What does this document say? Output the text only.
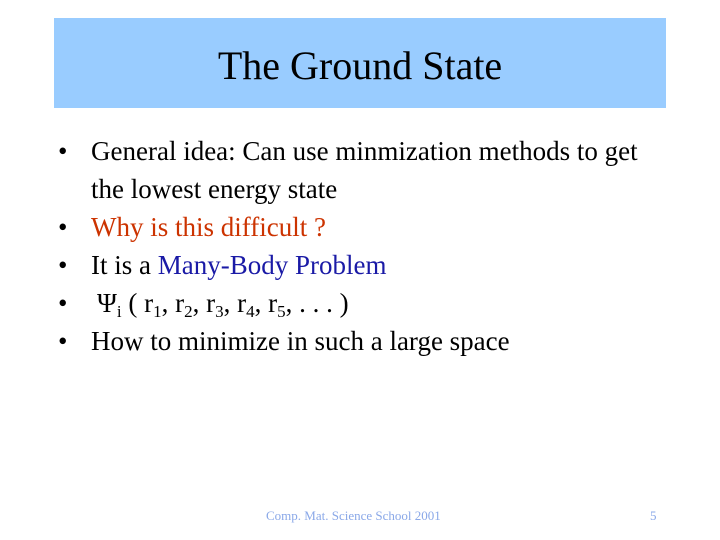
The Ground State
• General idea: Can use minmization methods to get the lowest energy state
• Why is this difficult ?
• It is a Many-Body Problem
•	$\Psi_i$ ( $r_1$, $r_2$, $r_3$, $r_4$, $r_5$, . . . )
• How to minimize in such a large space
Comp. Mat. Science School 2001	5
